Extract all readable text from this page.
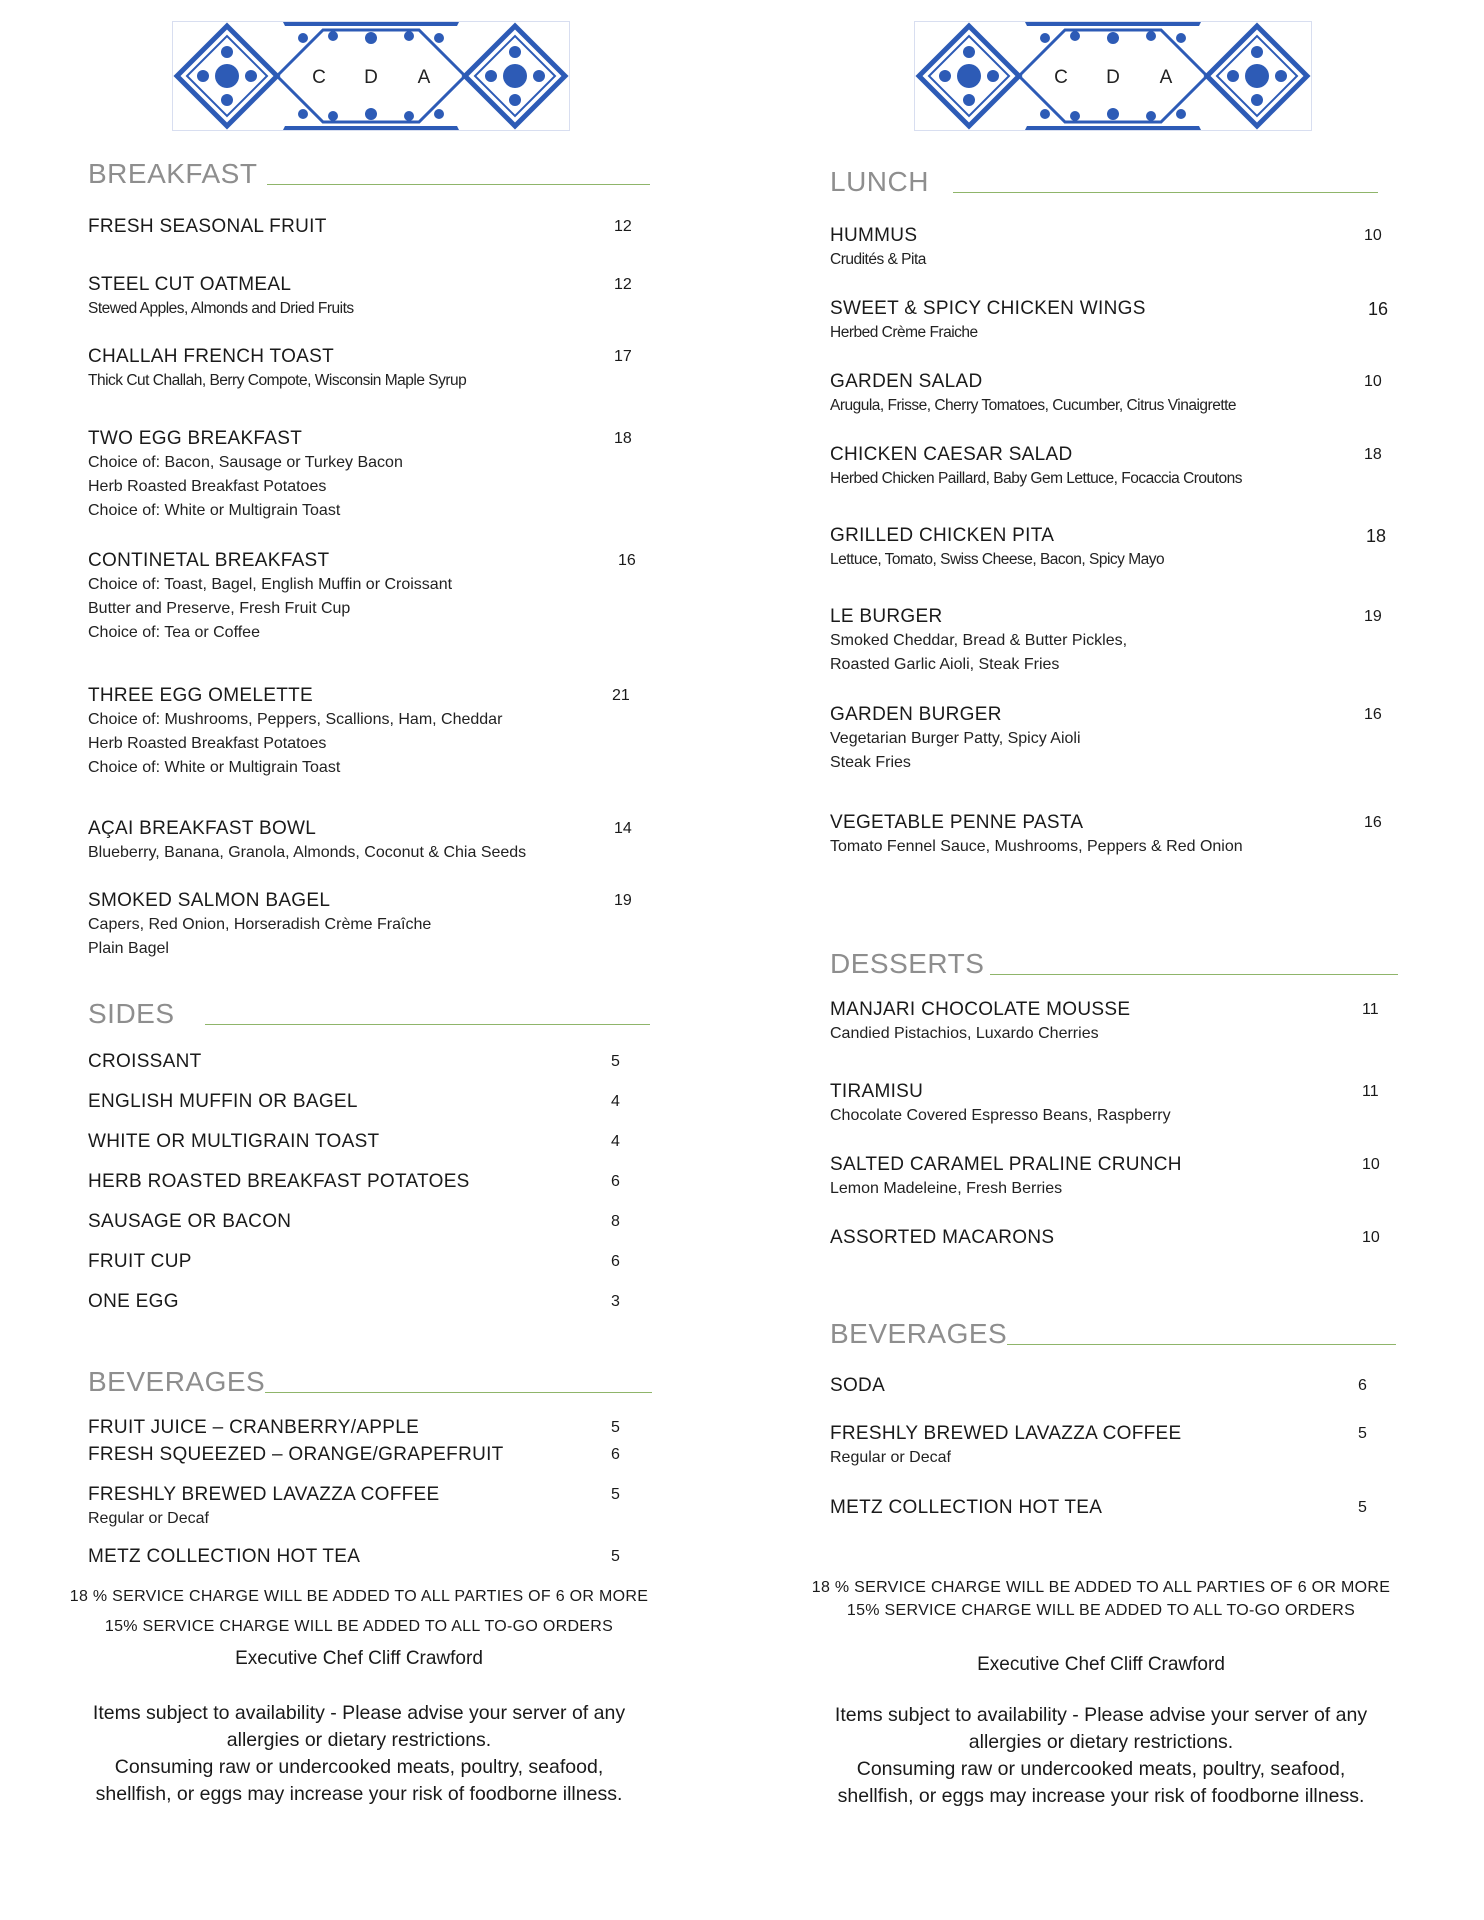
C D A
BREAKFAST
FRESH SEASONAL FRUIT	12
STEEL CUT OATMEAL	12
Stewed Apples, Almonds and Dried Fruits
CHALLAH FRENCH TOAST	17
Thick Cut Challah, Berry Compote, Wisconsin Maple Syrup
TWO EGG BREAKFAST	18
Choice of: Bacon, Sausage or Turkey Bacon
Herb Roasted Breakfast Potatoes
Choice of: White or Multigrain Toast
CONTINETAL BREAKFAST	16
Choice of: Toast, Bagel, English Muffin or Croissant
Butter and Preserve, Fresh Fruit Cup
Choice of: Tea or Coffee
THREE EGG OMELETTE	21
Choice of: Mushrooms, Peppers, Scallions, Ham, Cheddar
Herb Roasted Breakfast Potatoes
Choice of: White or Multigrain Toast
AÇAI BREAKFAST BOWL	14
Blueberry, Banana, Granola, Almonds, Coconut & Chia Seeds
SMOKED SALMON BAGEL	19
Capers, Red Onion, Horseradish Crème Fraîche
Plain Bagel
SIDES
CROISSANT	5
ENGLISH MUFFIN OR BAGEL	4
WHITE OR MULTIGRAIN TOAST	4
HERB ROASTED BREAKFAST POTATOES	6
SAUSAGE OR BACON	8
FRUIT CUP	6
ONE EGG	3
BEVERAGES
FRUIT JUICE – CRANBERRY/APPLE	5
FRESH SQUEEZED – ORANGE/GRAPEFRUIT	6
FRESHLY BREWED LAVAZZA COFFEE	5
Regular or Decaf
METZ COLLECTION HOT TEA	5
18 % SERVICE CHARGE WILL BE ADDED TO ALL PARTIES OF 6 OR MORE
15% SERVICE CHARGE WILL BE ADDED TO ALL TO-GO ORDERS
Executive Chef Cliff Crawford
Items subject to availability - Please advise your server of any
allergies or dietary restrictions.
Consuming raw or undercooked meats, poultry, seafood,
shellfish, or eggs may increase your risk of foodborne illness.
C D A
LUNCH
HUMMUS	10
Crudités & Pita
SWEET & SPICY CHICKEN WINGS	16
Herbed Crème Fraiche
GARDEN SALAD	10
Arugula, Frisse, Cherry Tomatoes, Cucumber, Citrus Vinaigrette
CHICKEN CAESAR SALAD	18
Herbed Chicken Paillard, Baby Gem Lettuce, Focaccia Croutons
GRILLED CHICKEN PITA	18
Lettuce, Tomato, Swiss Cheese, Bacon, Spicy Mayo
LE BURGER	19
Smoked Cheddar, Bread & Butter Pickles,
Roasted Garlic Aioli, Steak Fries
GARDEN BURGER	16
Vegetarian Burger Patty, Spicy Aioli
Steak Fries
VEGETABLE PENNE PASTA	16
Tomato Fennel Sauce, Mushrooms, Peppers & Red Onion
DESSERTS
MANJARI CHOCOLATE MOUSSE	11
Candied Pistachios, Luxardo Cherries
TIRAMISU	11
Chocolate Covered Espresso Beans, Raspberry
SALTED CARAMEL PRALINE CRUNCH	10
Lemon Madeleine, Fresh Berries
ASSORTED MACARONS	10
BEVERAGES
SODA	6
FRESHLY BREWED LAVAZZA COFFEE	5
Regular or Decaf
METZ COLLECTION HOT TEA	5
18 % SERVICE CHARGE WILL BE ADDED TO ALL PARTIES OF 6 OR MORE
15% SERVICE CHARGE WILL BE ADDED TO ALL TO-GO ORDERS
Executive Chef Cliff Crawford
Items subject to availability - Please advise your server of any
allergies or dietary restrictions.
Consuming raw or undercooked meats, poultry, seafood,
shellfish, or eggs may increase your risk of foodborne illness.
